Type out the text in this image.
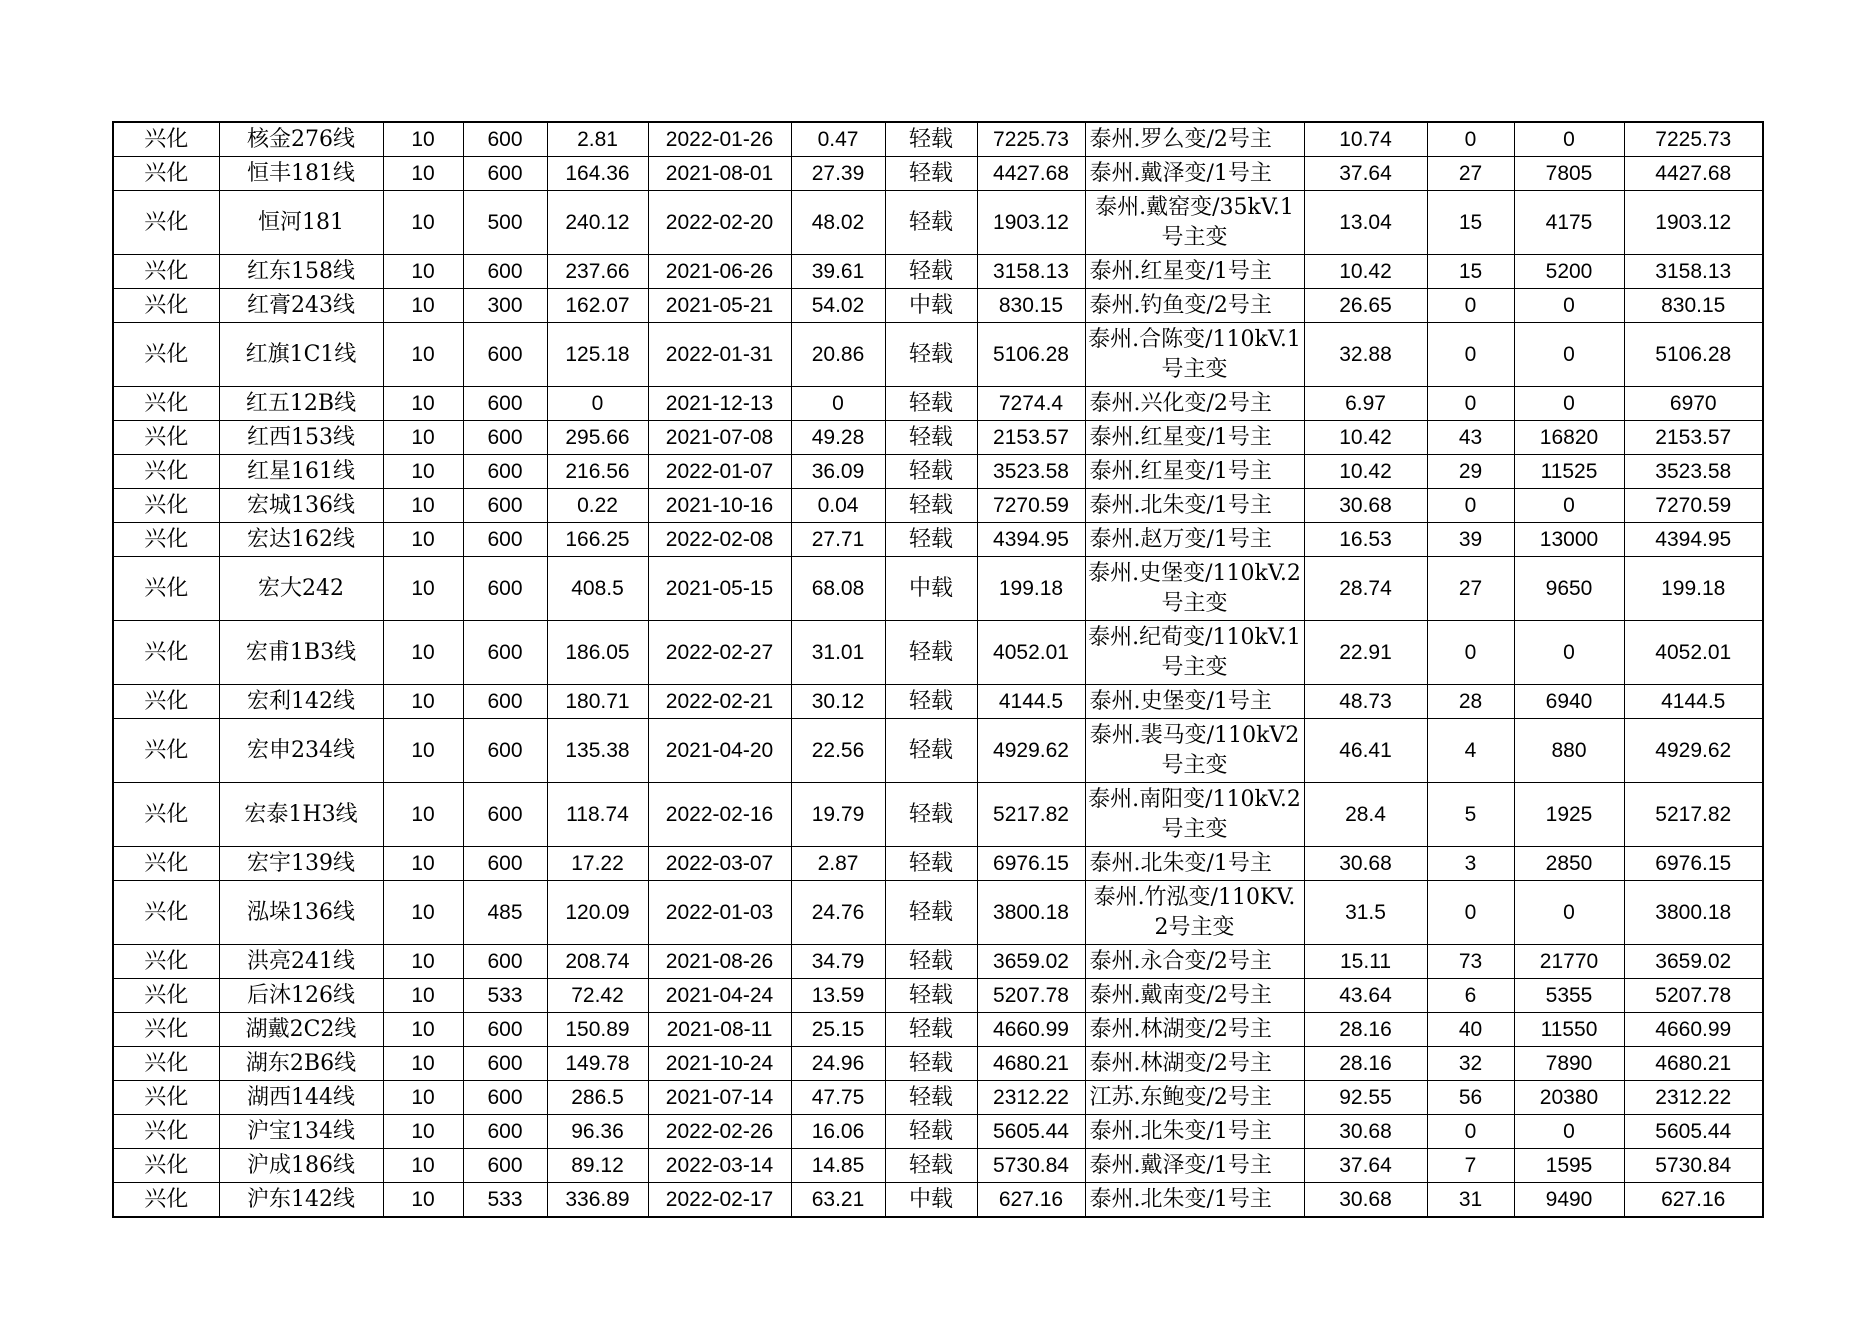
兴化	核金276线	10	600	2.81	2022-01-26	0.47	轻载	7225.73	泰州.罗么变/2号主	10.74	0	0	7225.73
兴化	恒丰181线	10	600	164.36	2021-08-01	27.39	轻载	4427.68	泰州.戴泽变/1号主	37.64	27	7805	4427.68
兴化	恒河181	10	500	240.12	2022-02-20	48.02	轻载	1903.12	泰州.戴窑变/35kV.1号主变	13.04	15	4175	1903.12
兴化	红东158线	10	600	237.66	2021-06-26	39.61	轻载	3158.13	泰州.红星变/1号主	10.42	15	5200	3158.13
兴化	红膏243线	10	300	162.07	2021-05-21	54.02	中载	830.15	泰州.钓鱼变/2号主	26.65	0	0	830.15
兴化	红旗1C1线	10	600	125.18	2022-01-31	20.86	轻载	5106.28	泰州.合陈变/110kV.1号主变	32.88	0	0	5106.28
兴化	红五12B线	10	600	0	2021-12-13	0	轻载	7274.4	泰州.兴化变/2号主	6.97	0	0	6970
兴化	红西153线	10	600	295.66	2021-07-08	49.28	轻载	2153.57	泰州.红星变/1号主	10.42	43	16820	2153.57
兴化	红星161线	10	600	216.56	2022-01-07	36.09	轻载	3523.58	泰州.红星变/1号主	10.42	29	11525	3523.58
兴化	宏城136线	10	600	0.22	2021-10-16	0.04	轻载	7270.59	泰州.北朱变/1号主	30.68	0	0	7270.59
兴化	宏达162线	10	600	166.25	2022-02-08	27.71	轻载	4394.95	泰州.赵万变/1号主	16.53	39	13000	4394.95
兴化	宏大242	10	600	408.5	2021-05-15	68.08	中载	199.18	泰州.史堡变/110kV.2号主变	28.74	27	9650	199.18
兴化	宏甫1B3线	10	600	186.05	2022-02-27	31.01	轻载	4052.01	泰州.纪荀变/110kV.1号主变	22.91	0	0	4052.01
兴化	宏利142线	10	600	180.71	2022-02-21	30.12	轻载	4144.5	泰州.史堡变/1号主	48.73	28	6940	4144.5
兴化	宏申234线	10	600	135.38	2021-04-20	22.56	轻载	4929.62	泰州.裴马变/110kV2号主变	46.41	4	880	4929.62
兴化	宏泰1H3线	10	600	118.74	2022-02-16	19.79	轻载	5217.82	泰州.南阳变/110kV.2号主变	28.4	5	1925	5217.82
兴化	宏宇139线	10	600	17.22	2022-03-07	2.87	轻载	6976.15	泰州.北朱变/1号主	30.68	3	2850	6976.15
兴化	泓垛136线	10	485	120.09	2022-01-03	24.76	轻载	3800.18	泰州.竹泓变/110KV.2号主变	31.5	0	0	3800.18
兴化	洪亮241线	10	600	208.74	2021-08-26	34.79	轻载	3659.02	泰州.永合变/2号主	15.11	73	21770	3659.02
兴化	后沐126线	10	533	72.42	2021-04-24	13.59	轻载	5207.78	泰州.戴南变/2号主	43.64	6	5355	5207.78
兴化	湖戴2C2线	10	600	150.89	2021-08-11	25.15	轻载	4660.99	泰州.林湖变/2号主	28.16	40	11550	4660.99
兴化	湖东2B6线	10	600	149.78	2021-10-24	24.96	轻载	4680.21	泰州.林湖变/2号主	28.16	32	7890	4680.21
兴化	湖西144线	10	600	286.5	2021-07-14	47.75	轻载	2312.22	江苏.东鲍变/2号主	92.55	56	20380	2312.22
兴化	沪宝134线	10	600	96.36	2022-02-26	16.06	轻载	5605.44	泰州.北朱变/1号主	30.68	0	0	5605.44
兴化	沪成186线	10	600	89.12	2022-03-14	14.85	轻载	5730.84	泰州.戴泽变/1号主	37.64	7	1595	5730.84
兴化	沪东142线	10	533	336.89	2022-02-17	63.21	中载	627.16	泰州.北朱变/1号主	30.68	31	9490	627.16
